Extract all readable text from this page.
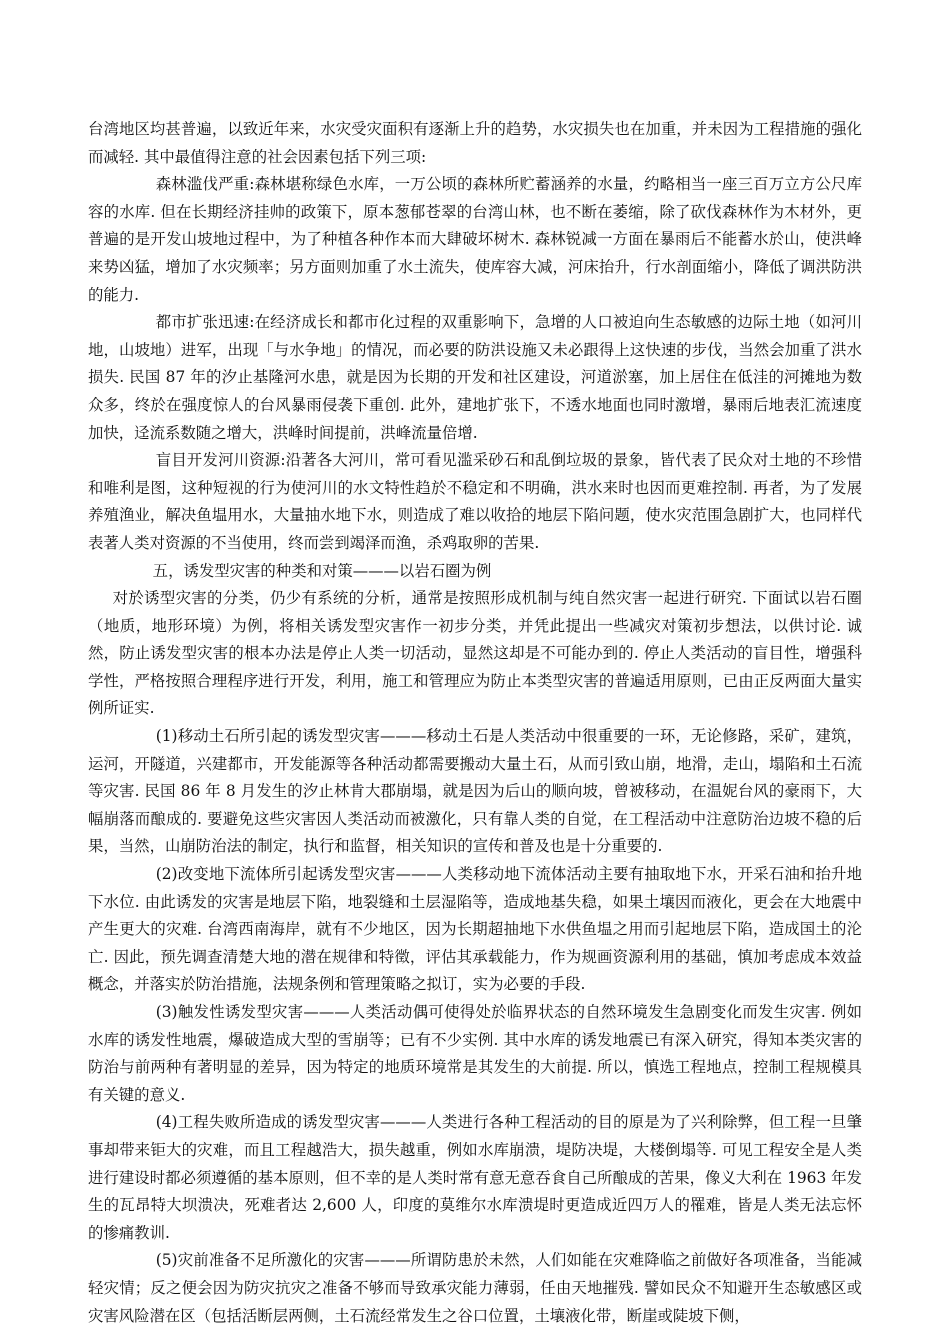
台湾地区均甚普遍，以致近年来，水灾受灾面积有逐渐上升的趋势，水灾损失也在加重，并未因为工程措施的强化而减轻. 其中最值得注意的社会因素包括下列三项:

森林滥伐严重:森林堪称绿色水库，一万公顷的森林所贮蓄涵养的水量，约略相当一座三百万立方公尺库容的水库. 但在长期经济挂帅的政策下，原本葱郁苍翠的台湾山林，也不断在萎缩，除了砍伐森林作为木材外，更普遍的是开发山坡地过程中，为了种植各种作本而大肆破坏树木. 森林锐减一方面在暴雨后不能蓄水於山，使洪峰来势凶猛，增加了水灾频率；另方面则加重了水土流失，使库容大减，河床抬升，行水剖面缩小，降低了调洪防洪的能力.

都市扩张迅速:在经济成长和都市化过程的双重影响下，急增的人口被迫向生态敏感的边际土地（如河川地，山坡地）进军，出现「与水争地」的情况，而必要的防洪设施又未必跟得上这快速的步伐，当然会加重了洪水损失. 民国 87 年的汐止基隆河水患，就是因为长期的开发和社区建设，河道淤塞，加上居住在低洼的河摊地为数众多，终於在强度惊人的台风暴雨侵袭下重创. 此外，建地扩张下，不透水地面也同时激增，暴雨后地表汇流速度加快，迳流系数随之增大，洪峰时间提前，洪峰流量倍增.

盲目开发河川资源:沿著各大河川，常可看见滥采砂石和乱倒垃圾的景象，皆代表了民众对土地的不珍惜和唯利是图，这种短视的行为使河川的水文特性趋於不稳定和不明确，洪水来时也因而更难控制. 再者，为了发展养殖渔业，解决鱼塭用水，大量抽水地下水，则造成了难以收拾的地层下陷问题，使水灾范围急剧扩大，也同样代表著人类对资源的不当使用，终而尝到竭泽而渔，杀鸡取卵的苦果.

五，诱发型灾害的种类和对策———以岩石圈为例

对於诱型灾害的分类，仍少有系统的分析，通常是按照形成机制与纯自然灾害一起进行研究. 下面试以岩石圈（地质，地形环境）为例，将相关诱发型灾害作一初步分类，并凭此提出一些减灾对策初步想法，以供讨论. 诚然，防止诱发型灾害的根本办法是停止人类一切活动，显然这却是不可能办到的. 停止人类活动的盲目性，增强科学性，严格按照合理程序进行开发，利用，施工和管理应为防止本类型灾害的普遍适用原则，已由正反两面大量实例所证实.

(1)移动土石所引起的诱发型灾害———移动土石是人类活动中很重要的一环，无论修路，采矿，建筑，运河，开隧道，兴建都市，开发能源等各种活动都需要搬动大量土石，从而引致山崩，地滑，走山，塌陷和土石流等灾害. 民国 86 年 8 月发生的汐止林肯大郡崩塌，就是因为后山的顺向坡，曾被移动，在温妮台风的豪雨下，大幅崩落而酿成的. 要避免这些灾害因人类活动而被激化，只有靠人类的自觉，在工程活动中注意防治边坡不稳的后果，当然，山崩防治法的制定，执行和监督，相关知识的宣传和普及也是十分重要的.

(2)改变地下流体所引起诱发型灾害———人类移动地下流体活动主要有抽取地下水，开采石油和抬升地下水位. 由此诱发的灾害是地层下陷，地裂缝和土层湿陷等，造成地基失稳，如果土壤因而液化，更会在大地震中产生更大的灾难. 台湾西南海岸，就有不少地区，因为长期超抽地下水供鱼塭之用而引起地层下陷，造成国土的沦亡. 因此，预先调查清楚大地的潜在规律和特徵，评估其承载能力，作为规画资源利用的基础，慎加考虑成本效益概念，并落实於防治措施，法规条例和管理策略之拟订，实为必要的手段.

(3)触发性诱发型灾害———人类活动偶可使得处於临界状态的自然环境发生急剧变化而发生灾害. 例如水库的诱发性地震，爆破造成大型的雪崩等；已有不少实例. 其中水库的诱发地震已有深入研究，得知本类灾害的防治与前两种有著明显的差异，因为特定的地质环境常是其发生的大前提. 所以，慎选工程地点，控制工程规模具有关键的意义.

(4)工程失败所造成的诱发型灾害———人类进行各种工程活动的目的原是为了兴利除弊，但工程一旦肇事却带来钜大的灾难，而且工程越浩大，损失越重，例如水库崩溃，堤防决堤，大楼倒塌等. 可见工程安全是人类进行建设时都必须遵循的基本原则，但不幸的是人类时常有意无意吞食自己所酿成的苦果，像义大利在 1963 年发生的瓦昂特大坝溃决，死难者达 2,600 人，印度的莫维尔水库溃堤时更造成近四万人的罹难，皆是人类无法忘怀的惨痛教训.

(5)灾前准备不足所激化的灾害———所谓防患於未然，人们如能在灾难降临之前做好各项准备，当能减轻灾情；反之便会因为防灾抗灾之准备不够而导致承灾能力薄弱，任由天地摧残. 譬如民众不知避开生态敏感区或灾害风险潜在区（包括活断层两侧，土石流经常发生之谷口位置，土壤液化带，断崖或陡坡下侧，
